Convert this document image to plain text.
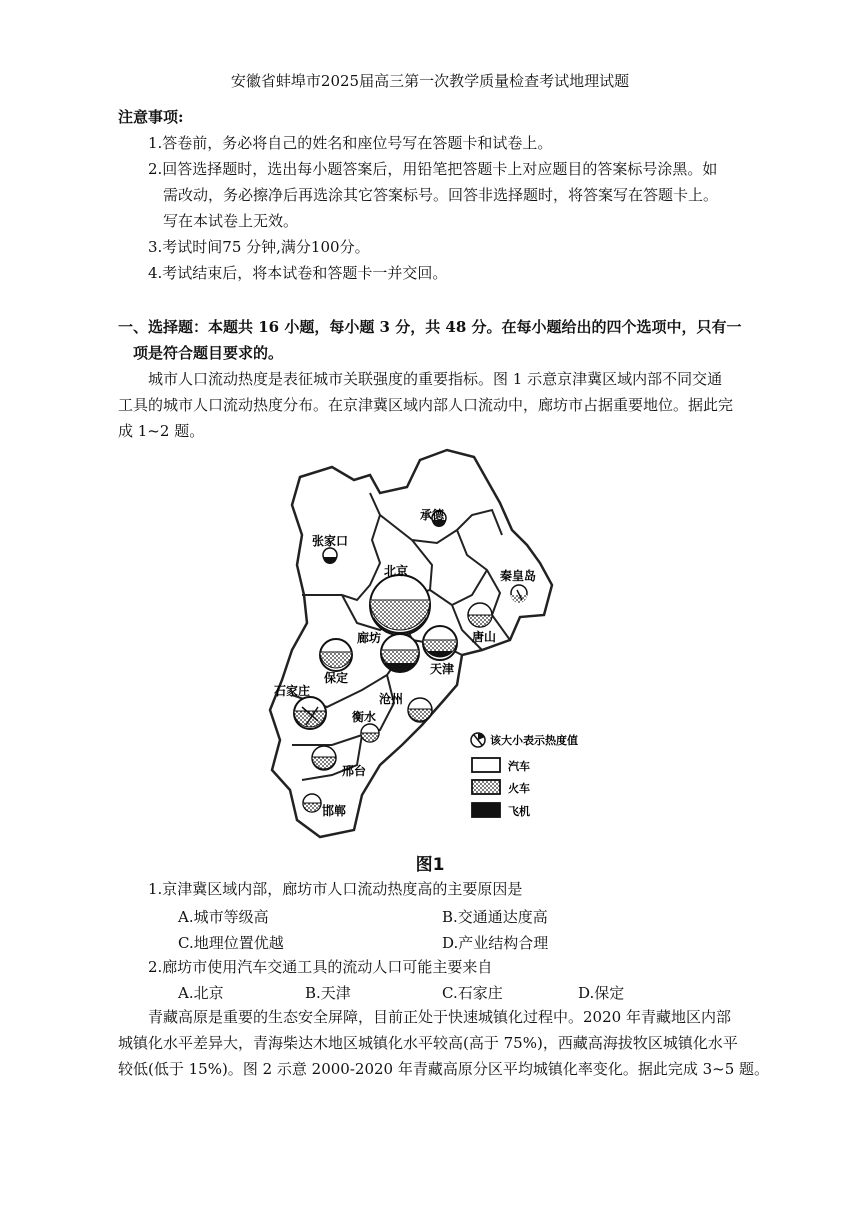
安徽省蚌埠市2025届高三第一次教学质量检查考试地理试题
注意事项:
1.答卷前，务必将自己的姓名和座位号写在答题卡和试卷上。
2.回答选择题时，选出每小题答案后，用铅笔把答题卡上对应题目的答案标号涂黑。如
需改动，务必擦净后再选涂其它答案标号。回答非选择题时，将答案写在答题卡上。
写在本试卷上无效。
3.考试时间75 分钟,满分100分。
4.考试结束后，将本试卷和答题卡一并交回。
一、选择题：本题共 16 小题，每小题 3 分，共 48 分。在每小题给出的四个选项中，只有一
项是符合题目要求的。
城市人口流动热度是表征城市关联强度的重要指标。图 1 示意京津冀区域内部不同交通
工具的城市人口流动热度分布。在京津冀区域内部人口流动中，廊坊市占据重要地位。据此完
成 1~2 题。
承德
张家口
北京	秦皇岛
唐山
廊坊
天津
保定
石家庄
沧州
衡水
邢台
邯郸
该大小表示热度值
汽车
火车
飞机
图1
1.京津冀区域内部，廊坊市人口流动热度高的主要原因是
A.城市等级高	B.交通通达度高
C.地理位置优越	D.产业结构合理
2.廊坊市使用汽车交通工具的流动人口可能主要来自
A.北京	B.天津	C.石家庄	D.保定
青藏高原是重要的生态安全屏障，目前正处于快速城镇化过程中。2020 年青藏地区内部
城镇化水平差异大，青海柴达木地区城镇化水平较高(高于 75%)，西藏高海拔牧区城镇化水平
较低(低于 15%)。图 2 示意 2000-2020 年青藏高原分区平均城镇化率变化。据此完成 3~5 题。
